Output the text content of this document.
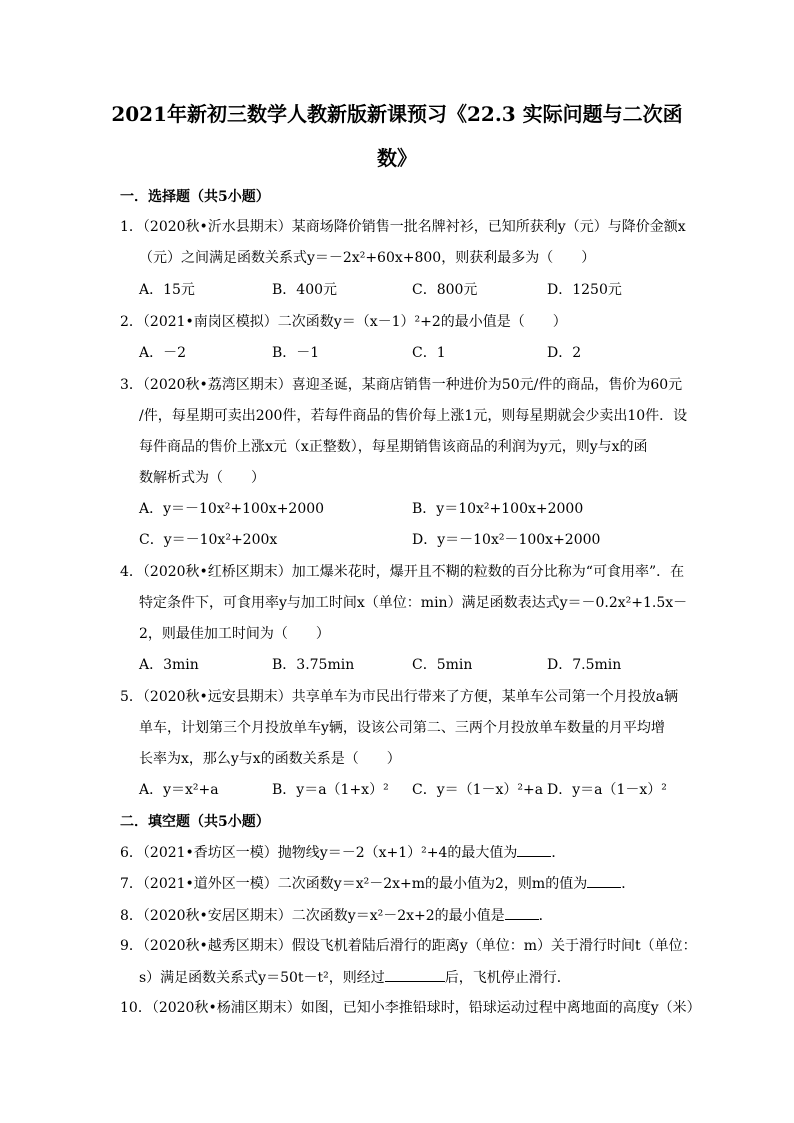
2021年新初三数学人教新版新课预习《22.3 实际问题与二次函
数》
一．选择题（共5小题）
1．（2020秋•沂水县期末）某商场降价销售一批名牌衬衫，已知所获利y（元）与降价金额x
（元）之间满足函数关系式y＝－2x²+60x+800，则获利最多为（　　）
A．15元	B．400元	C．800元	D．1250元
2．（2021•南岗区模拟）二次函数y＝（x－1）²+2的最小值是（　　）
A．－2	B．－1	C．1	D．2
3．（2020秋•荔湾区期末）喜迎圣诞，某商店销售一种进价为50元/件的商品，售价为60元
/件，每星期可卖出200件，若每件商品的售价每上涨1元，则每星期就会少卖出10件．设
每件商品的售价上涨x元（x正整数），每星期销售该商品的利润为y元，则y与x的函
数解析式为（　　）
A．y＝－10x²+100x+2000	B．y＝10x²+100x+2000
C．y＝－10x²+200x	D．y＝－10x²－100x+2000
4．（2020秋•红桥区期末）加工爆米花时，爆开且不糊的粒数的百分比称为“可食用率”．在
特定条件下，可食用率y与加工时间x（单位：min）满足函数表达式y＝－0.2x²+1.5x－
2，则最佳加工时间为（　　）
A．3min	B．3.75min	C．5min	D．7.5min
5．（2020秋•远安县期末）共享单车为市民出行带来了方便，某单车公司第一个月投放a辆
单车，计划第三个月投放单车y辆，设该公司第二、三两个月投放单车数量的月平均增
长率为x，那么y与x的函数关系是（　　）
A．y＝x²+a	B．y＝a（1+x）² C．y＝（1－x）²+a D．y＝a（1－x）²
二．填空题（共5小题）
6．（2021•香坊区一模）抛物线y＝－2（x+1）²+4的最大值为 ．
7．（2021•道外区一模）二次函数y＝x²－2x+m的最小值为2，则m的值为 ．
8．（2020秋•安居区期末）二次函数y＝x²－2x+2的最小值是 ．
9．（2020秋•越秀区期末）假设飞机着陆后滑行的距离y（单位：m）关于滑行时间t（单位：
s）满足函数关系式y＝50t－t²，则经过	后，飞机停止滑行．
10．（2020秋•杨浦区期末）如图，已知小李推铅球时，铅球运动过程中离地面的高度y（米）
